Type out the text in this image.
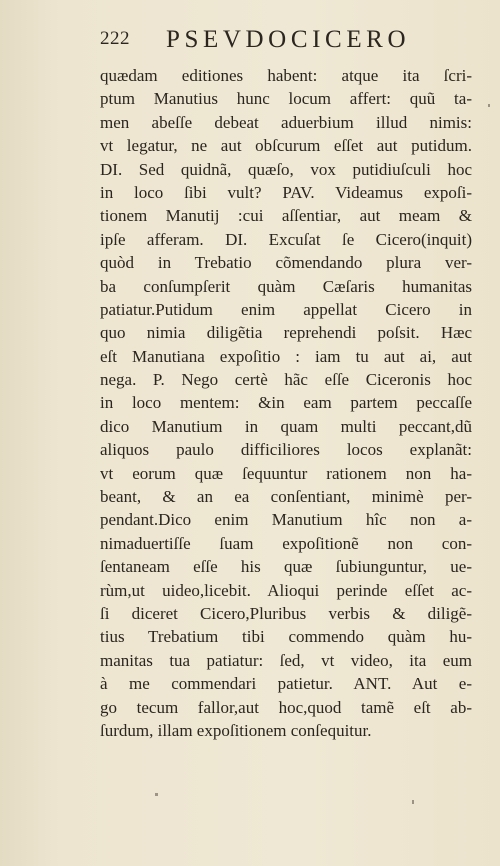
222 PSEVDOCICERO
quædam editiones habent: atque ita ſcri-
ptum Manutius hunc locum affert: quũ ta-
men abeſſe debeat aduerbium illud nimis:
vt legatur, ne aut obſcurum eſſet aut putidum.
DI. Sed quidnã, quæſo, vox putidiuſculi hoc
in loco ſibi vult? PAV. Videamus expoſi-
tionem Manutij :cui aſſentiar, aut meam &
ipſe afferam. DI. Excuſat ſe Cicero(inquit)
quòd in Trebatio cõmendando plura ver-
ba conſumpſerit quàm Cæſaris humanitas
patiatur.Putidum enim appellat Cicero in
quo nimia diligẽtia reprehendi poſsit. Hæc
eſt Manutiana expoſitio : iam tu aut ai, aut
nega. P. Nego certè hãc eſſe Ciceronis hoc
in loco mentem: &in eam partem peccaſſe
dico Manutium in quam multi peccant,dũ
aliquos paulo difficiliores locos explanãt:
vt eorum quæ ſequuntur rationem non ha-
beant, & an ea conſentiant, minimè per-
pendant.Dico enim Manutium hîc non a-
nimaduertiſſe ſuam expoſitionẽ non con-
ſentaneam eſſe his quæ ſubiunguntur, ue-
rùm,ut uideo,licebit. Alioqui perinde eſſet ac-
ſi diceret Cicero,Pluribus verbis & diligẽ-
tius Trebatium tibi commendo quàm hu-
manitas tua patiatur: ſed, vt video, ita eum
à me commendari patietur. ANT. Aut e-
go tecum fallor,aut hoc,quod tamẽ eſt ab-
ſurdum, illam expoſitionem conſequitur.
